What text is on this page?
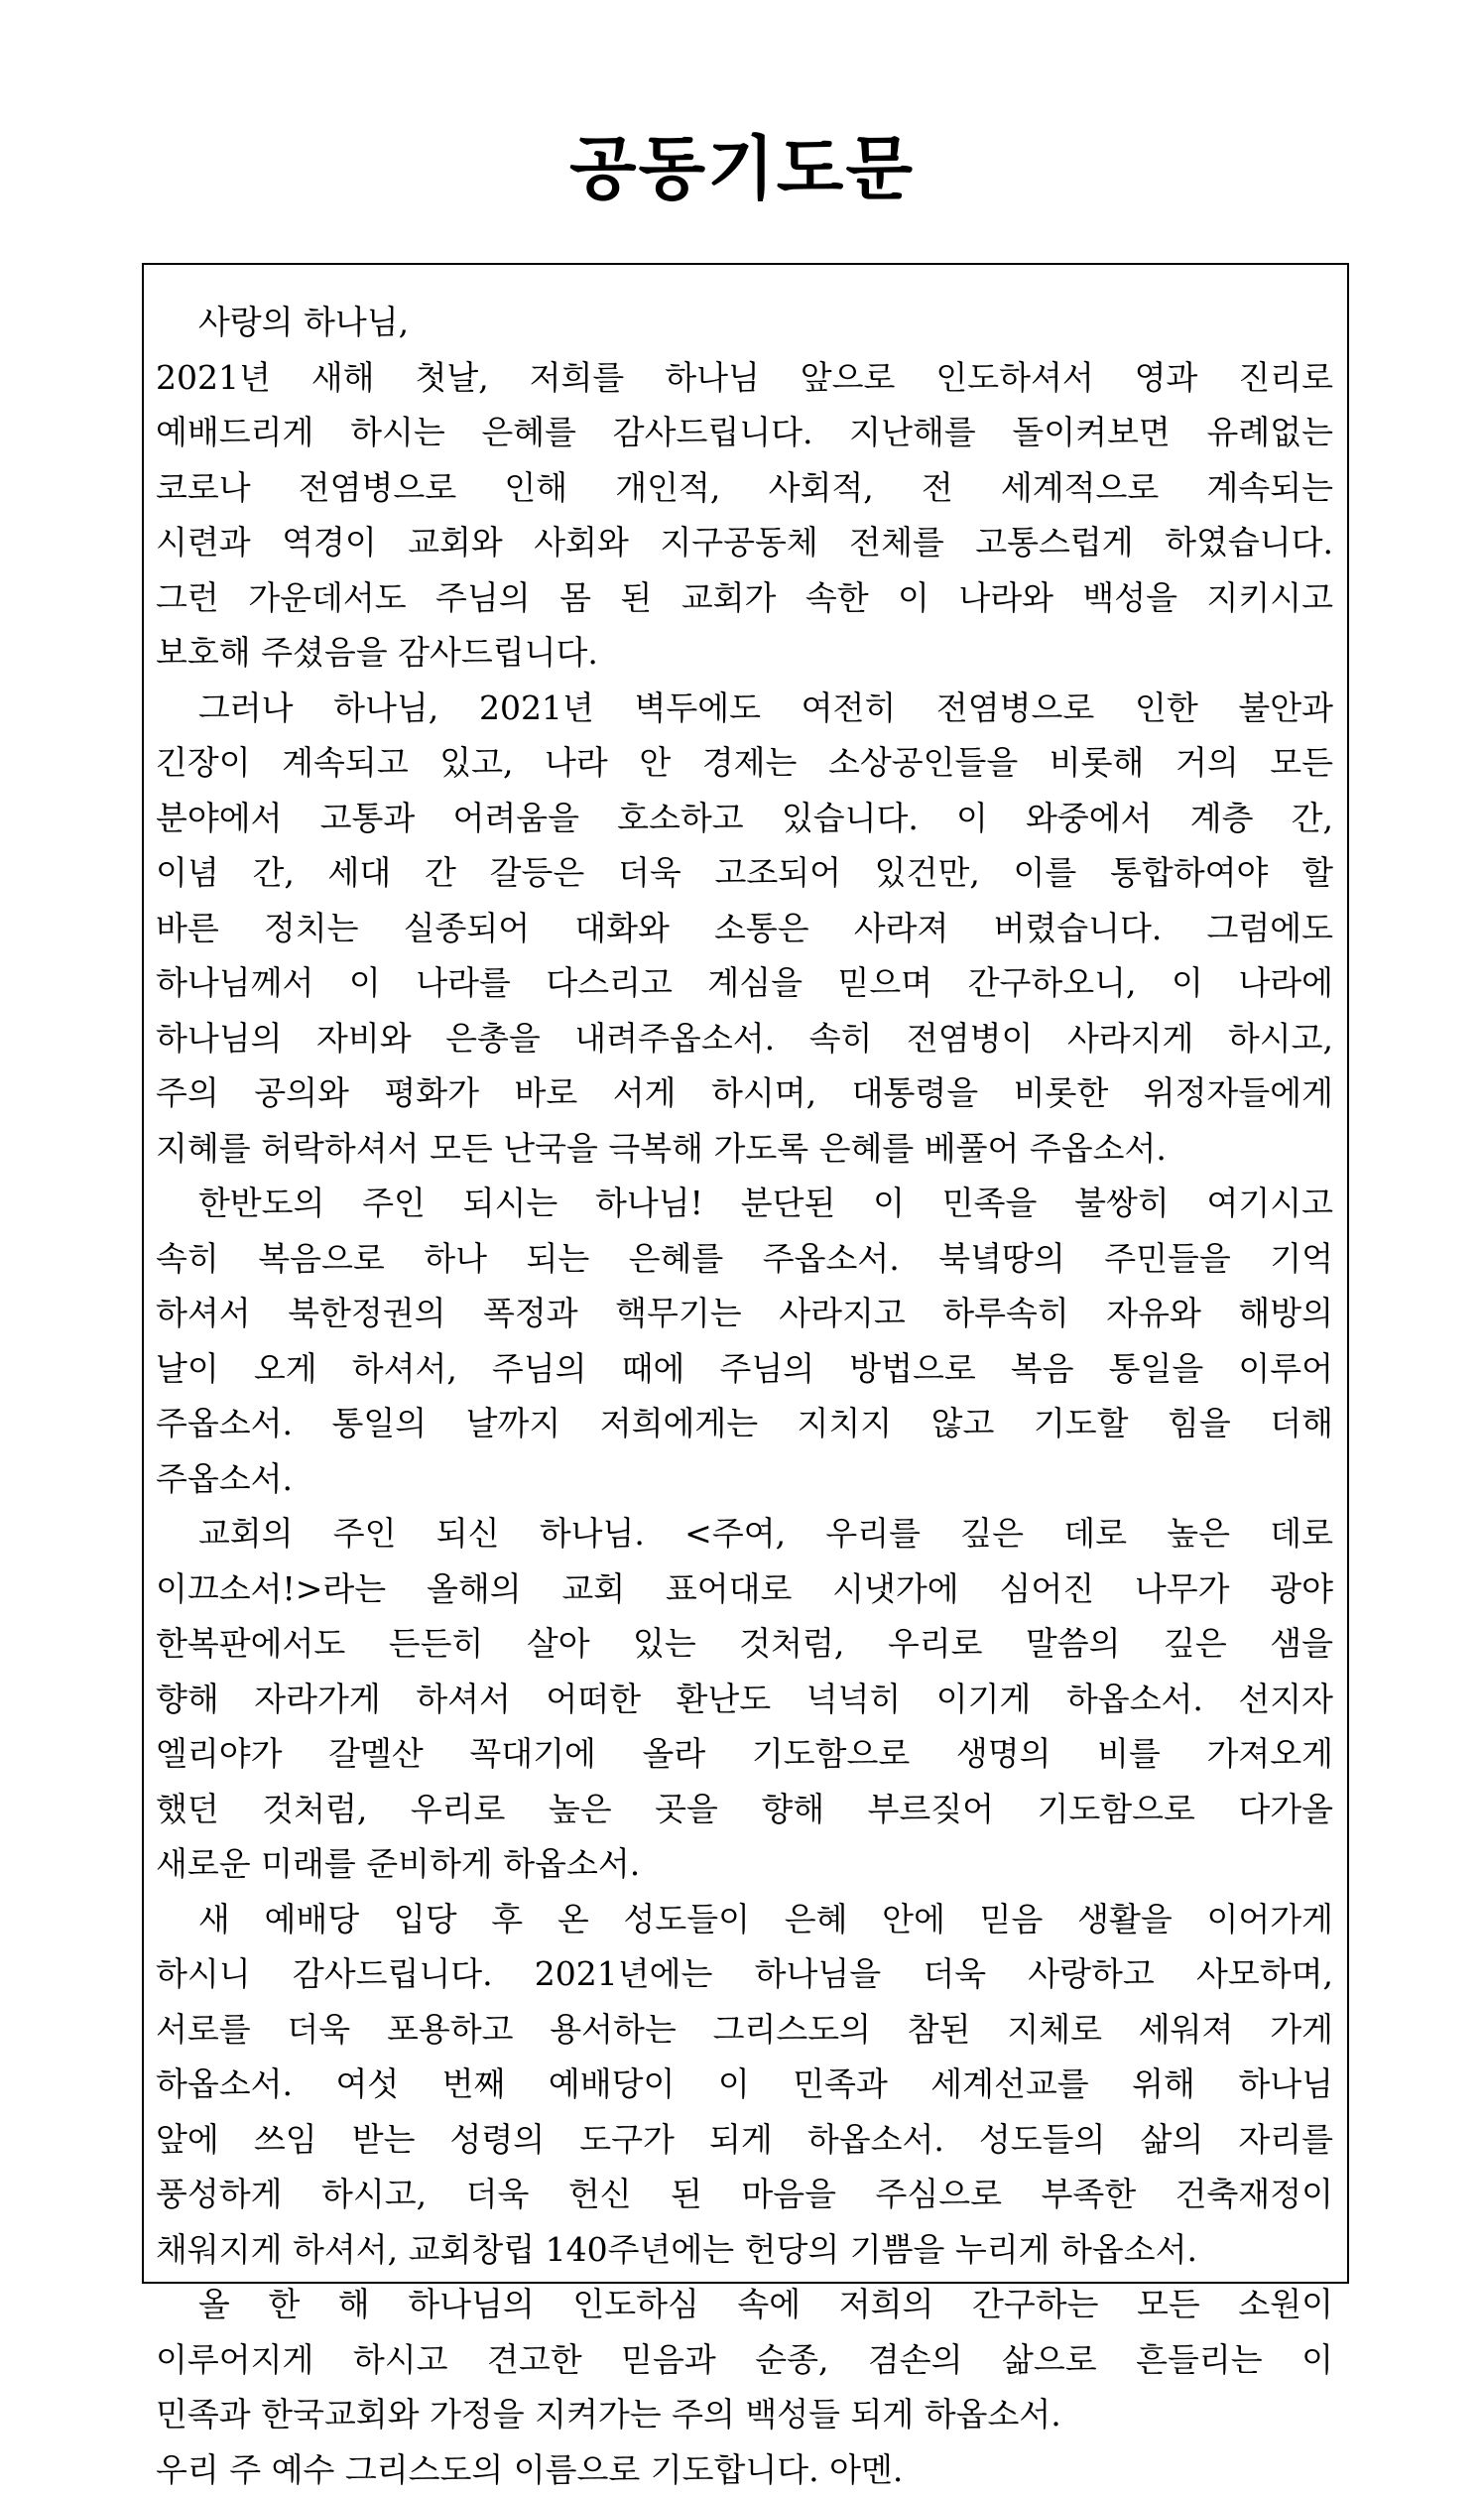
공동기도문
사랑의 하나님,
2021년 새해 첫날, 저희를 하나님 앞으로 인도하셔서 영과 진리로
예배드리게 하시는 은혜를 감사드립니다. 지난해를 돌이켜보면 유례없는
코로나 전염병으로 인해 개인적, 사회적, 전 세계적으로 계속되는
시련과 역경이 교회와 사회와 지구공동체 전체를 고통스럽게 하였습니다.
그런 가운데서도 주님의 몸 된 교회가 속한 이 나라와 백성을 지키시고
보호해 주셨음을 감사드립니다.
그러나 하나님, 2021년 벽두에도 여전히 전염병으로 인한 불안과
긴장이 계속되고 있고, 나라 안 경제는 소상공인들을 비롯해 거의 모든
분야에서 고통과 어려움을 호소하고 있습니다. 이 와중에서 계층 간,
이념 간, 세대 간 갈등은 더욱 고조되어 있건만, 이를 통합하여야 할
바른 정치는 실종되어 대화와 소통은 사라져 버렸습니다. 그럼에도
하나님께서 이 나라를 다스리고 계심을 믿으며 간구하오니, 이 나라에
하나님의 자비와 은총을 내려주옵소서. 속히 전염병이 사라지게 하시고,
주의 공의와 평화가 바로 서게 하시며, 대통령을 비롯한 위정자들에게
지혜를 허락하셔서 모든 난국을 극복해 가도록 은혜를 베풀어 주옵소서.
한반도의 주인 되시는 하나님! 분단된 이 민족을 불쌍히 여기시고
속히 복음으로 하나 되는 은혜를 주옵소서. 북녘땅의 주민들을 기억
하셔서 북한정권의 폭정과 핵무기는 사라지고 하루속히 자유와 해방의
날이 오게 하셔서, 주님의 때에 주님의 방법으로 복음 통일을 이루어
주옵소서. 통일의 날까지 저희에게는 지치지 않고 기도할 힘을 더해
주옵소서.
교회의 주인 되신 하나님. <주여, 우리를 깊은 데로 높은 데로
이끄소서!>라는 올해의 교회 표어대로 시냇가에 심어진 나무가 광야
한복판에서도 든든히 살아 있는 것처럼, 우리로 말씀의 깊은 샘을
향해 자라가게 하셔서 어떠한 환난도 넉넉히 이기게 하옵소서. 선지자
엘리야가 갈멜산 꼭대기에 올라 기도함으로 생명의 비를 가져오게
했던 것처럼, 우리로 높은 곳을 향해 부르짖어 기도함으로 다가올
새로운 미래를 준비하게 하옵소서.
새 예배당 입당 후 온 성도들이 은혜 안에 믿음 생활을 이어가게
하시니 감사드립니다. 2021년에는 하나님을 더욱 사랑하고 사모하며,
서로를 더욱 포용하고 용서하는 그리스도의 참된 지체로 세워져 가게
하옵소서. 여섯 번째 예배당이 이 민족과 세계선교를 위해 하나님
앞에 쓰임 받는 성령의 도구가 되게 하옵소서. 성도들의 삶의 자리를
풍성하게 하시고, 더욱 헌신 된 마음을 주심으로 부족한 건축재정이
채워지게 하셔서, 교회창립 140주년에는 헌당의 기쁨을 누리게 하옵소서.
올 한 해 하나님의 인도하심 속에 저희의 간구하는 모든 소원이
이루어지게 하시고 견고한 믿음과 순종, 겸손의 삶으로 흔들리는 이
민족과 한국교회와 가정을 지켜가는 주의 백성들 되게 하옵소서.
우리 주 예수 그리스도의 이름으로 기도합니다. 아멘.
